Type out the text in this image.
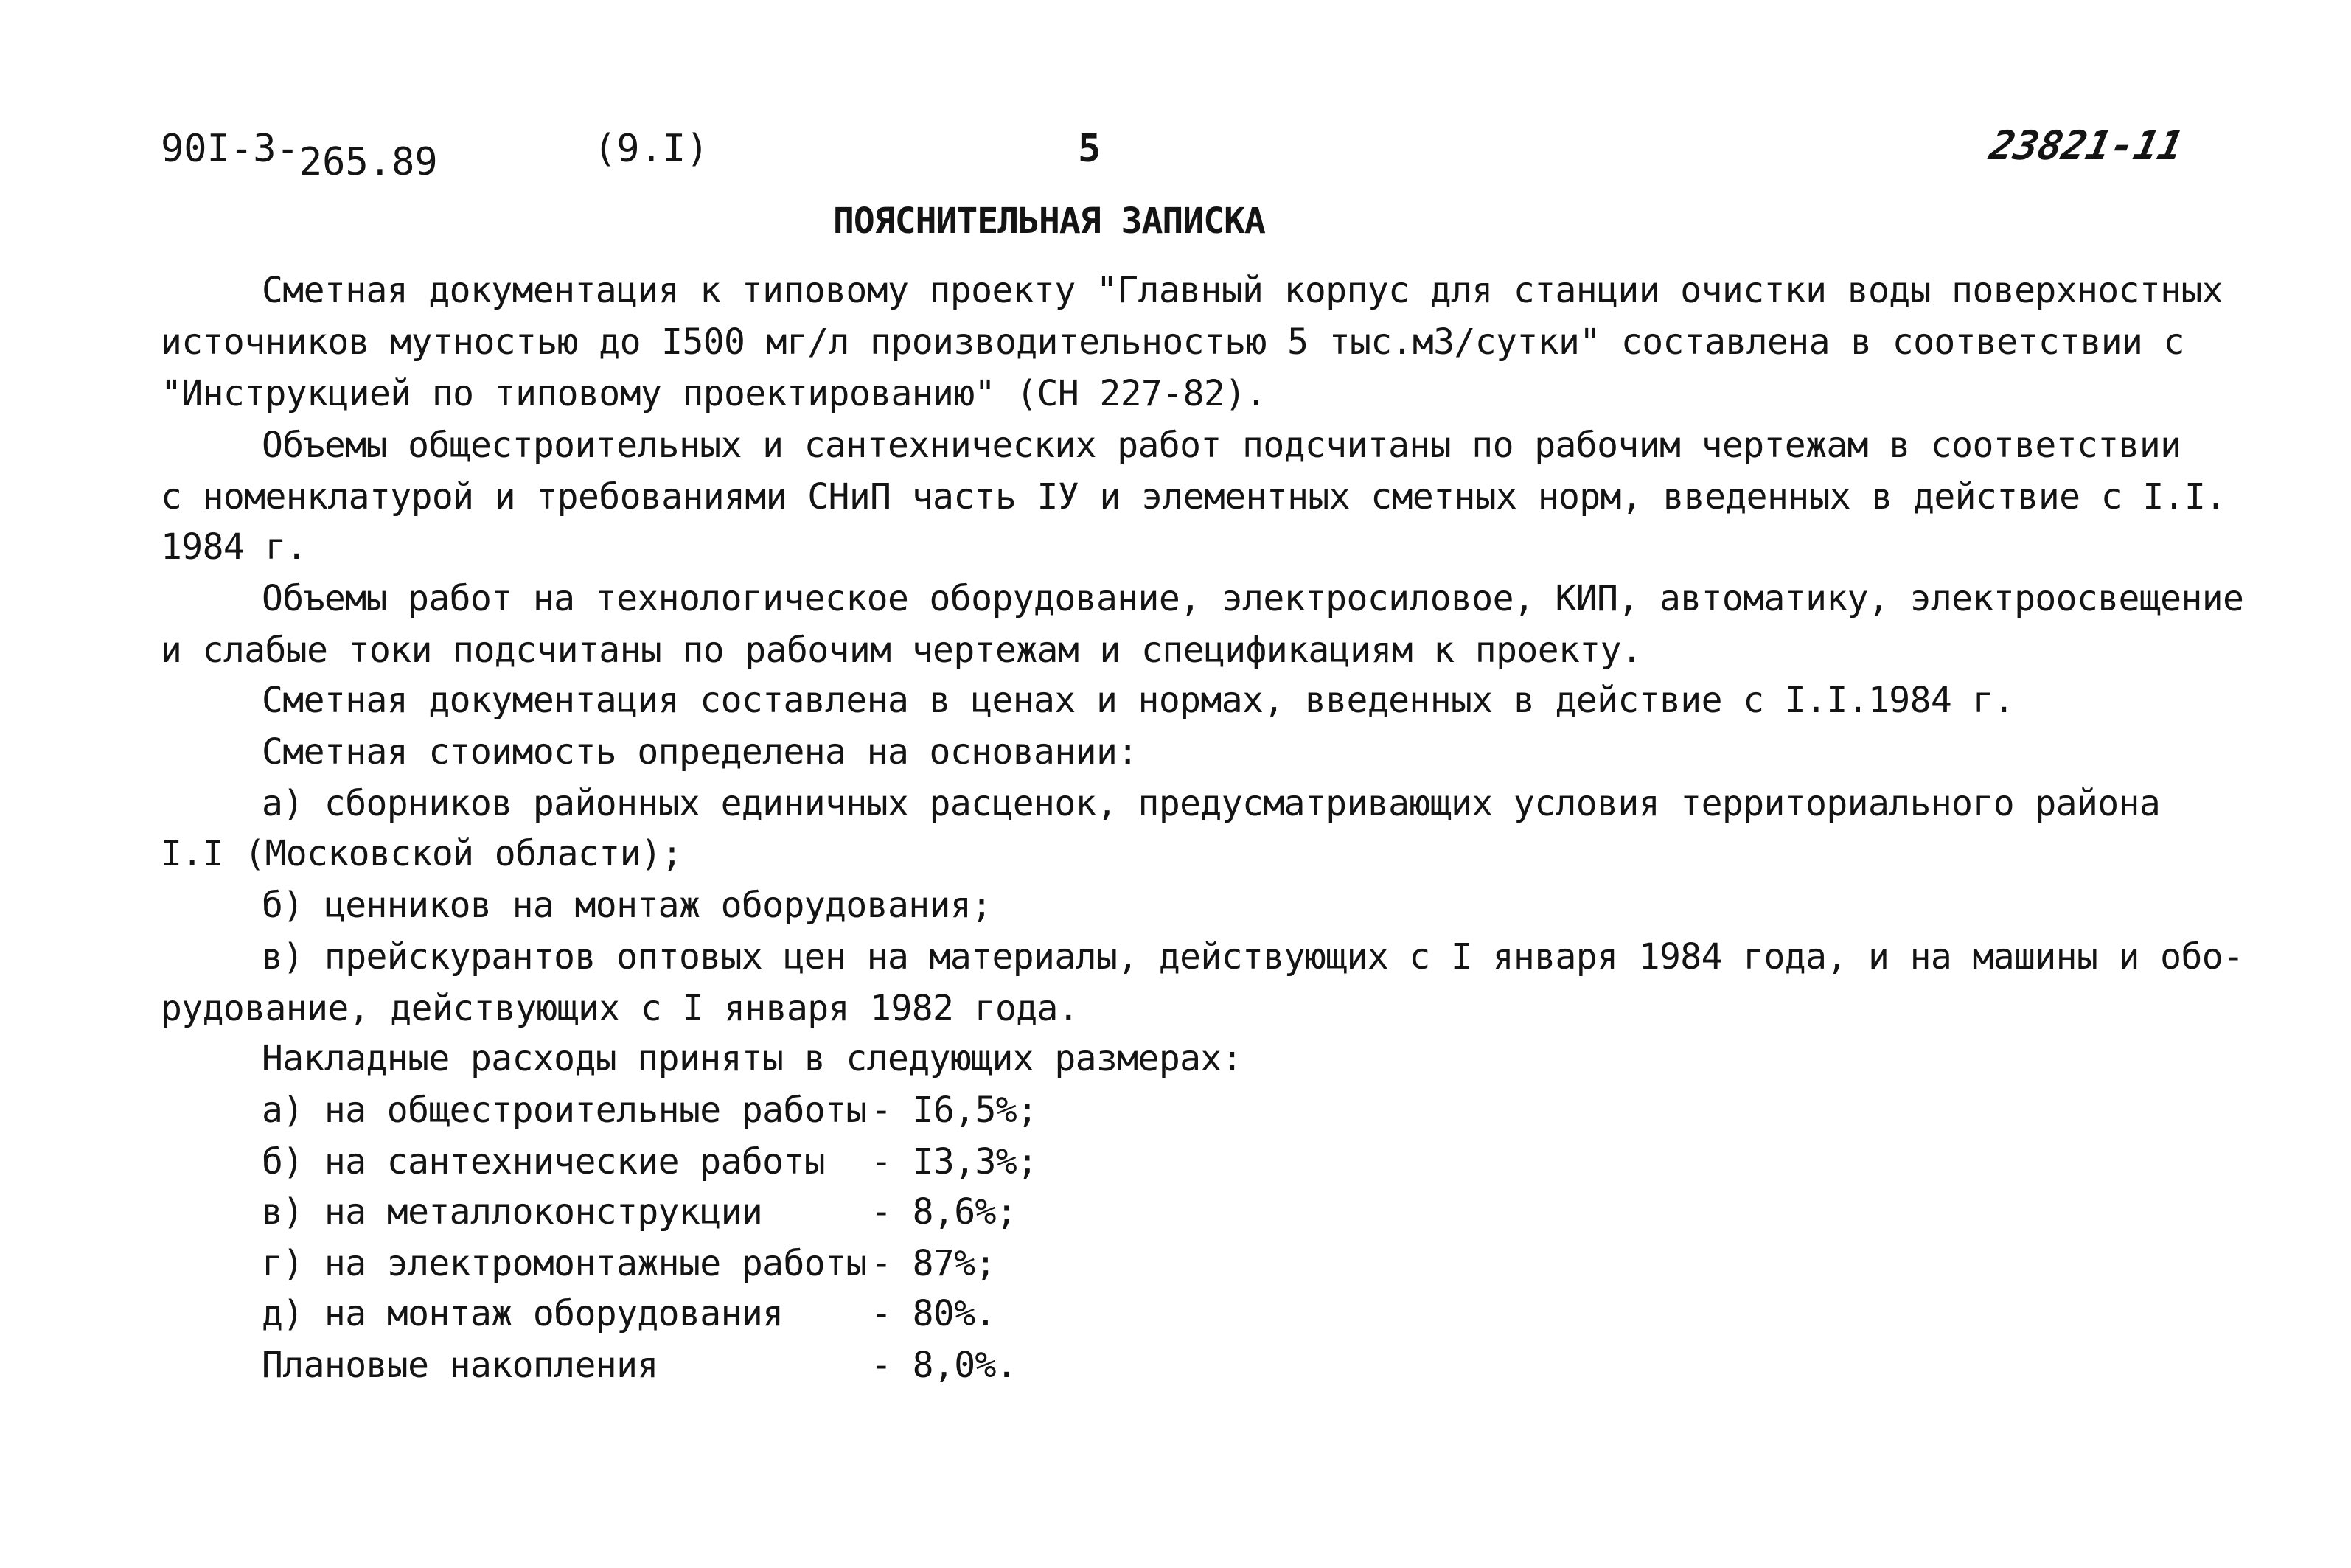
90I-3-265.89	(9.I)	5	23821-11
ПОЯСНИТЕЛЬНАЯ ЗАПИСКА
Сметная документация к типовому проекту "Главный корпус для станции очистки воды поверхностных
источников мутностью до I500 мг/л производительностью 5 тыс.м3/сутки" составлена в соответствии с
"Инструкцией по типовому проектированию" (СН 227-82).
Объемы общестроительных и сантехнических работ подсчитаны по рабочим чертежам в соответствии
с номенклатурой и требованиями СНиП часть IУ и элементных сметных норм, введенных в действие с I.I.
1984 г.
Объемы работ на технологическое оборудование, электросиловое, КИП, автоматику, электроосвещение
и слабые токи подсчитаны по рабочим чертежам и спецификациям к проекту.
Сметная документация составлена в ценах и нормах, введенных в действие с I.I.1984 г.
Сметная стоимость определена на основании:
а) сборников районных единичных расценок, предусматривающих условия территориального района
I.I (Московской области);
б) ценников на монтаж оборудования;
в) прейскурантов оптовых цен на материалы, действующих с I января 1984 года, и на машины и обо-
рудование, действующих с I января 1982 года.
Накладные расходы приняты в следующих размерах:
а) на общестроительные работы - I6,5%;
б) на сантехнические работы - I3,3%;
в) на металлоконструкции	- 8,6%;
г) на электромонтажные работы - 87%;
д) на монтаж оборудования - 80%.
Плановые накопления	- 8,0%.
